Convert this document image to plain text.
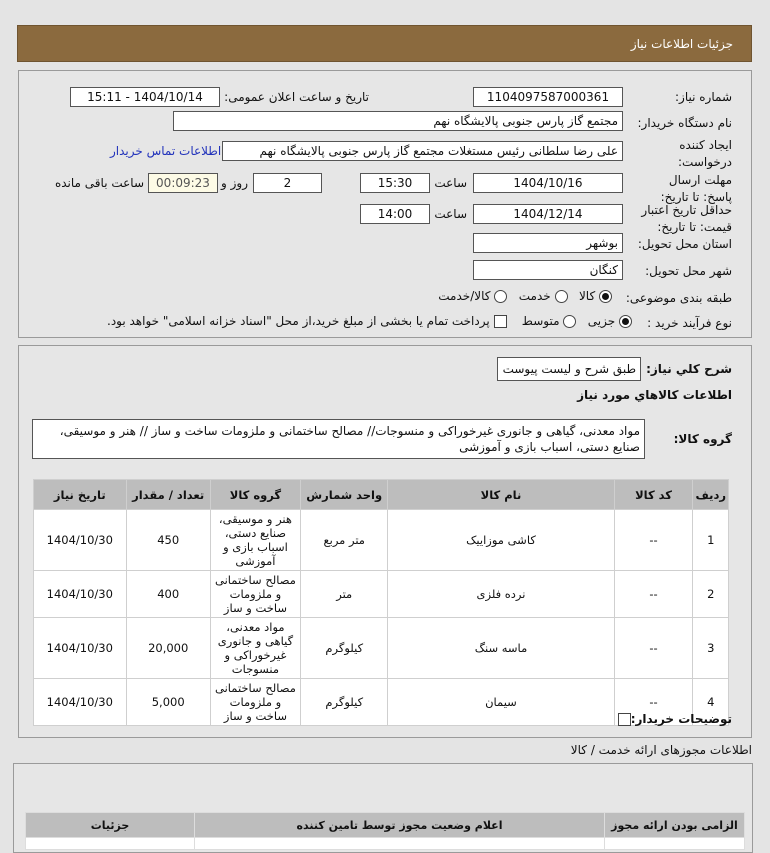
جزئیات اطلاعات نیاز
شماره نیاز:
1104097587000361
تاریخ و ساعت اعلان عمومی:
1404/10/14 - 15:11
نام دستگاه خریدار:
مجتمع گاز پارس جنوبی پالایشگاه نهم
ایجاد کننده درخواست:
علی رضا سلطانی رئیس مستغلات مجتمع گاز پارس جنوبی پالایشگاه نهم
اطلاعات تماس خریدار
مهلت ارسال پاسخ: تا تاریخ:
1404/10/16
ساعت
15:30
2
روز و
00:09:23
ساعت باقی مانده
حداقل تاریخ اعتبار قیمت: تا تاریخ:
1404/12/14
ساعت
14:00
استان محل تحویل:
بوشهر
شهر محل تحویل:
کنگان
طبقه بندی موضوعی:
کالا    خدمت    کالا/خدمت
نوع فرآیند خرید :
جزیی    متوسط     پرداخت تمام یا بخشی از مبلغ خرید،از محل "اسناد خزانه اسلامی" خواهد بود.
شرح كلي نياز:
طبق شرح و لیست پیوست
اطلاعات كالاهاي مورد نياز
گروه کالا:
مواد معدنی، گیاهی و جانوری غیرخوراکی و منسوجات// مصالح ساختمانی و ملزومات ساخت و ساز // هنر و موسیقی، صنایع دستی، اسباب بازی و آموزشی
ردیف	کد کالا	نام کالا	واحد شمارش	گروه کالا	تعداد / مقدار	تاریخ نیاز
1	--	کاشی موزاییک	متر مربع	هنر و موسیقی، صنایع دستی، اسباب بازی و آموزشی	450	1404/10/30
2	--	نرده فلزی	متر	مصالح ساختمانی و ملزومات ساخت و ساز	400	1404/10/30
3	--	ماسه سنگ	کیلوگرم	مواد معدنی، گیاهی و جانوری غیرخوراکی و منسوجات	20,000	1404/10/30
4	--	سیمان	کیلوگرم	مصالح ساختمانی و ملزومات ساخت و ساز	5,000	1404/10/30
توضیحات خریدار:
اطلاعات مجوزهای ارائه خدمت / کالا
الزامی بودن ارائه مجوز	اعلام وضعیت مجوز توسط تامین کننده	جزئیات
